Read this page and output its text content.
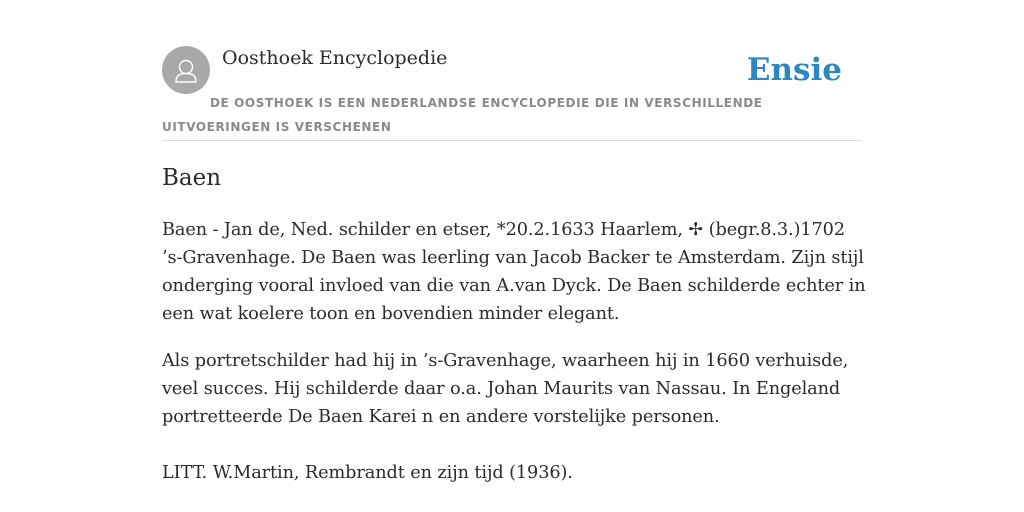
Oosthoek Encyclopedie	Ensie
DE OOSTHOEK IS EEN NEDERLANDSE ENCYCLOPEDIE DIE IN VERSCHILLENDE UITVOERINGEN IS VERSCHENEN
Baen

Baen - Jan de, Ned. schilder en etser, *20.2.1633 Haarlem, ✢ (begr.8.3.)1702 ’s-Gravenhage. De Baen was leerling van Jacob Backer te Amsterdam. Zijn stijl onderging vooral invloed van die van A.van Dyck. De Baen schilderde echter in een wat koelere toon en bovendien minder elegant.

Als portretschilder had hij in ’s-Gravenhage, waarheen hij in 1660 verhuisde, veel succes. Hij schilderde daar o.a. Johan Maurits van Nassau. In Engeland portretteerde De Baen Karei n en andere vorstelijke personen.

LITT. W.Martin, Rembrandt en zijn tijd (1936).
